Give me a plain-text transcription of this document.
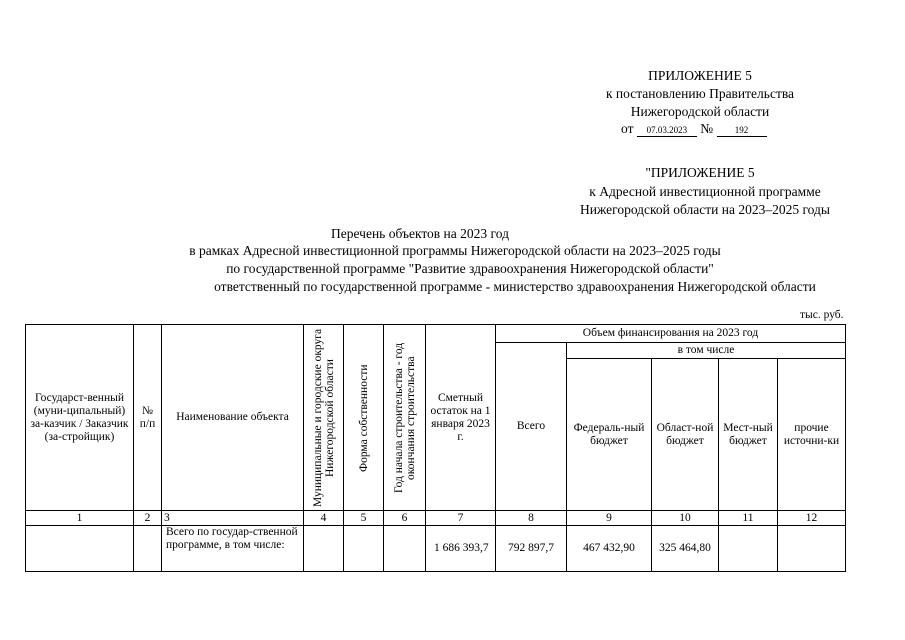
ПРИЛОЖЕНИЕ 5
к постановлению Правительства
Нижегородской области
от 07.03.2023 № 192
"ПРИЛОЖЕНИЕ 5
к Адресной инвестиционной программе
Нижегородской области на 2023–2025 годы
Перечень объектов на 2023 год
в рамках Адресной инвестиционной программы Нижегородской области на 2023–2025 годы
по государственной программе "Развитие здравоохранения Нижегородской области"
ответственный по государственной программе - министерство здравоохранения Нижегородской области
тыс. руб.
Государст-венный (муни-ципальный) за-казчик / Заказчик (за-стройщик)	№ п/п	Наименование объекта	Муниципальные и городские округа Нижегородской области	Форма собственности	Год начала строительства - год окончания строительства	Сметный остаток на 1 января 2023 г.	Объем финансирования на 2023 год				
							Всего	в том числе			
								Федераль-ный бюджет	Област-ной бюджет	Мест-ный бюджет	прочие источни-ки
1	2	3	4	5	6	7	8	9	10	11	12
		Всего по государ-ственной программе, в том числе:				1 686 393,7	792 897,7	467 432,90	325 464,80		
